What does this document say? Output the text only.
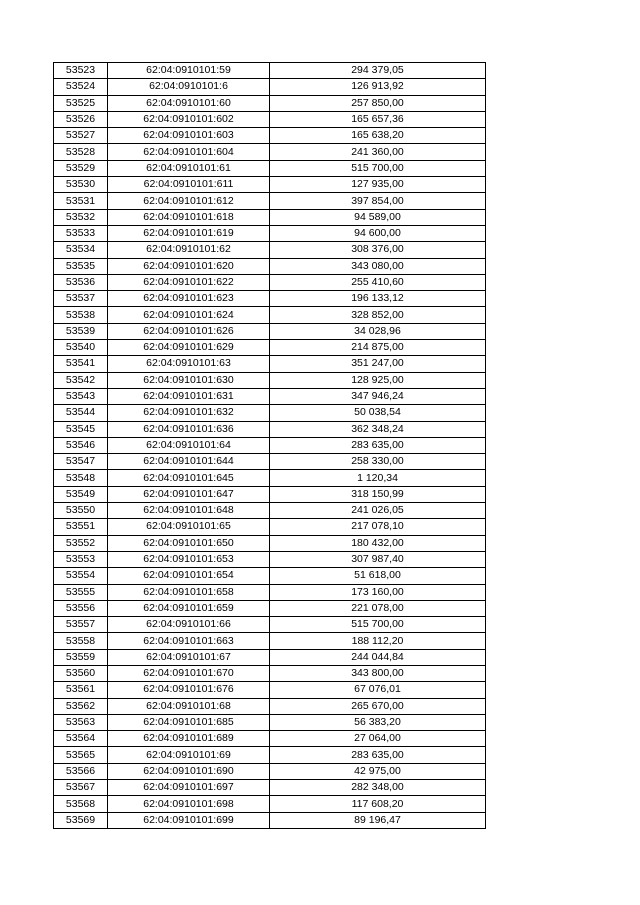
53523	62:04:0910101:59	294 379,05
53524	62:04:0910101:6	126 913,92
53525	62:04:0910101:60	257 850,00
53526	62:04:0910101:602	165 657,36
53527	62:04:0910101:603	165 638,20
53528	62:04:0910101:604	241 360,00
53529	62:04:0910101:61	515 700,00
53530	62:04:0910101:611	127 935,00
53531	62:04:0910101:612	397 854,00
53532	62:04:0910101:618	94 589,00
53533	62:04:0910101:619	94 600,00
53534	62:04:0910101:62	308 376,00
53535	62:04:0910101:620	343 080,00
53536	62:04:0910101:622	255 410,60
53537	62:04:0910101:623	196 133,12
53538	62:04:0910101:624	328 852,00
53539	62:04:0910101:626	34 028,96
53540	62:04:0910101:629	214 875,00
53541	62:04:0910101:63	351 247,00
53542	62:04:0910101:630	128 925,00
53543	62:04:0910101:631	347 946,24
53544	62:04:0910101:632	50 038,54
53545	62:04:0910101:636	362 348,24
53546	62:04:0910101:64	283 635,00
53547	62:04:0910101:644	258 330,00
53548	62:04:0910101:645	1 120,34
53549	62:04:0910101:647	318 150,99
53550	62:04:0910101:648	241 026,05
53551	62:04:0910101:65	217 078,10
53552	62:04:0910101:650	180 432,00
53553	62:04:0910101:653	307 987,40
53554	62:04:0910101:654	51 618,00
53555	62:04:0910101:658	173 160,00
53556	62:04:0910101:659	221 078,00
53557	62:04:0910101:66	515 700,00
53558	62:04:0910101:663	188 112,20
53559	62:04:0910101:67	244 044,84
53560	62:04:0910101:670	343 800,00
53561	62:04:0910101:676	67 076,01
53562	62:04:0910101:68	265 670,00
53563	62:04:0910101:685	56 383,20
53564	62:04:0910101:689	27 064,00
53565	62:04:0910101:69	283 635,00
53566	62:04:0910101:690	42 975,00
53567	62:04:0910101:697	282 348,00
53568	62:04:0910101:698	117 608,20
53569	62:04:0910101:699	89 196,47
